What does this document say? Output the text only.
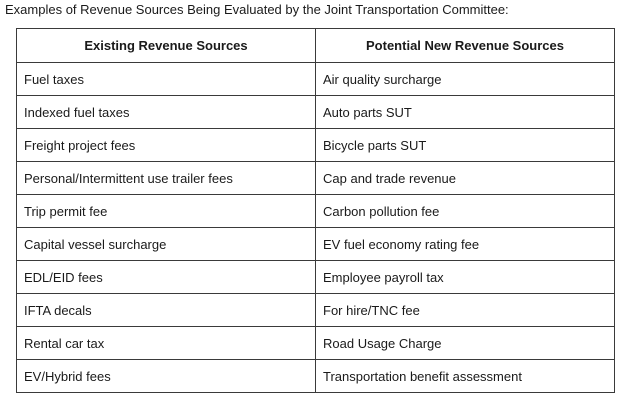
Examples of Revenue Sources Being Evaluated by the Joint Transportation Committee:
Existing Revenue Sources	Potential New Revenue Sources
Fuel taxes	Air quality surcharge
Indexed fuel taxes	Auto parts SUT
Freight project fees	Bicycle parts SUT
Personal/Intermittent use trailer fees	Cap and trade revenue
Trip permit fee	Carbon pollution fee
Capital vessel surcharge	EV fuel economy rating fee
EDL/EID fees	Employee payroll tax
IFTA decals	For hire/TNC fee
Rental car tax	Road Usage Charge
EV/Hybrid fees	Transportation benefit assessment
